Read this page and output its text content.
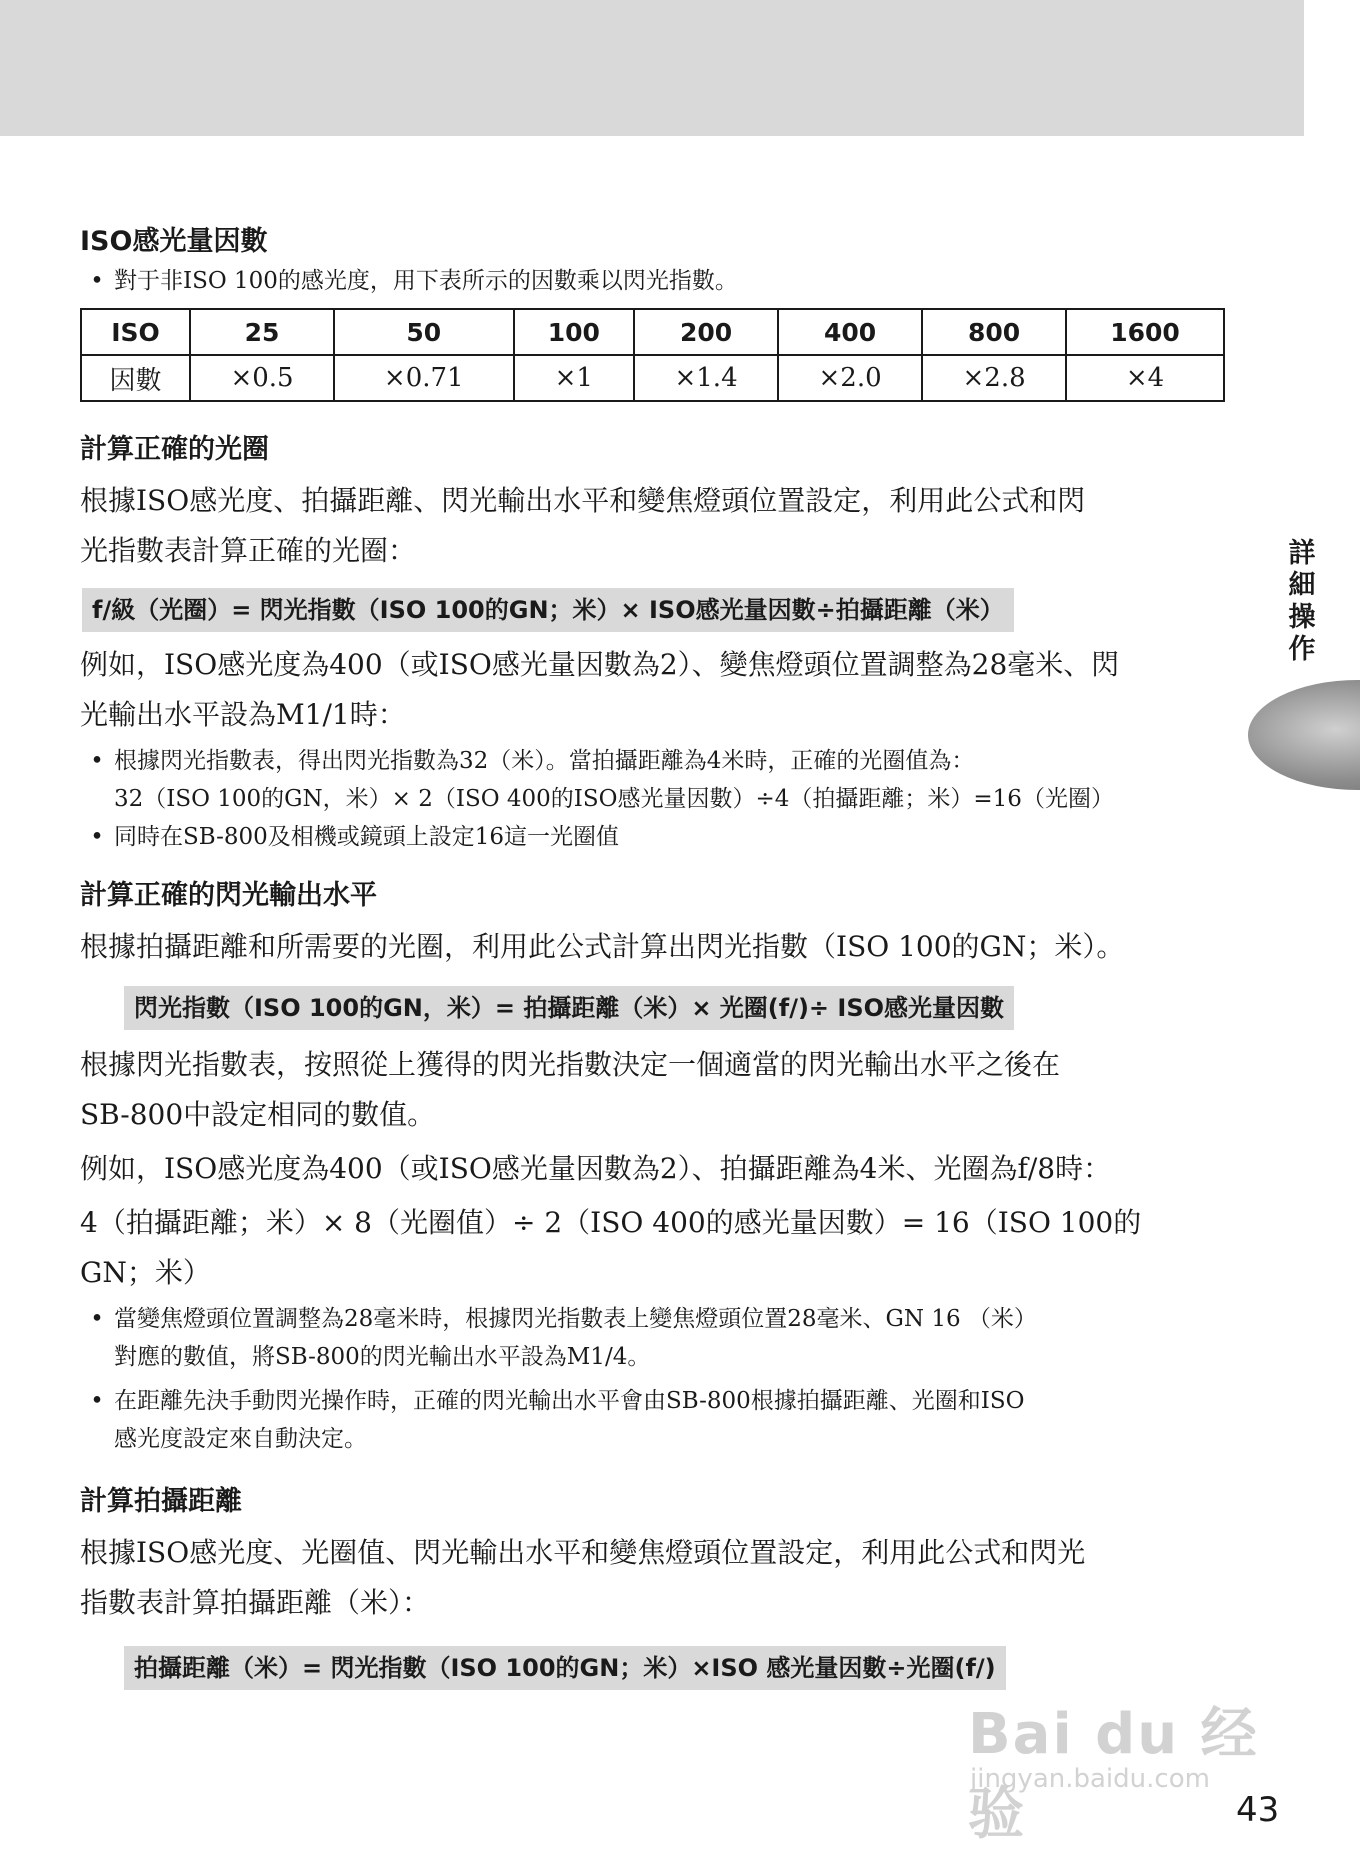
ISO感光量因數

• 對于非ISO 100的感光度，用下表所示的因數乘以閃光指數。

ISO	25	50	100	200	400	800	1600
因數	×0.5	×0.71	×1	×1.4	×2.0	×2.8	×4
計算正確的光圈

根據ISO感光度、拍攝距離、閃光輸出水平和變焦燈頭位置設定，利用此公式和閃

光指數表計算正確的光圈：

f/級（光圈）= 閃光指數（ISO 100的GN；米）× ISO感光量因數÷拍攝距離（米）

例如，ISO感光度為400（或ISO感光量因數為2）、變焦燈頭位置調整為28毫米、閃

光輸出水平設為M1/1時：

• 根據閃光指數表，得出閃光指數為32（米）。當拍攝距離為4米時，正確的光圈值為：

32（ISO 100的GN，米）× 2（ISO 400的ISO感光量因數）÷4（拍攝距離；米）=16（光圈）

• 同時在SB-800及相機或鏡頭上設定16這一光圈值

計算正確的閃光輸出水平

根據拍攝距離和所需要的光圈，利用此公式計算出閃光指數（ISO 100的GN；米）。

閃光指數（ISO 100的GN，米）= 拍攝距離（米）× 光圈(f/)÷ ISO感光量因數

根據閃光指數表，按照從上獲得的閃光指數決定一個適當的閃光輸出水平之後在

SB-800中設定相同的數值。

例如，ISO感光度為400（或ISO感光量因數為2）、拍攝距離為4米、光圈為f/8時：

4（拍攝距離；米）× 8（光圈值）÷ 2（ISO 400的感光量因數）= 16（ISO 100的

GN；米）

• 當變焦燈頭位置調整為28毫米時，根據閃光指數表上變焦燈頭位置28毫米、GN 16 （米）

對應的數值，將SB-800的閃光輸出水平設為M1/4。

• 在距離先決手動閃光操作時，正確的閃光輸出水平會由SB-800根據拍攝距離、光圈和ISO

感光度設定來自動決定。

計算拍攝距離

根據ISO感光度、光圈值、閃光輸出水平和變焦燈頭位置設定，利用此公式和閃光

指數表計算拍攝距離（米）：

拍攝距離（米）= 閃光指數（ISO 100的GN；米）×ISO 感光量因數÷光圈(f/)
詳細操作
Bai du 经验
jingyan.baidu.com
43
